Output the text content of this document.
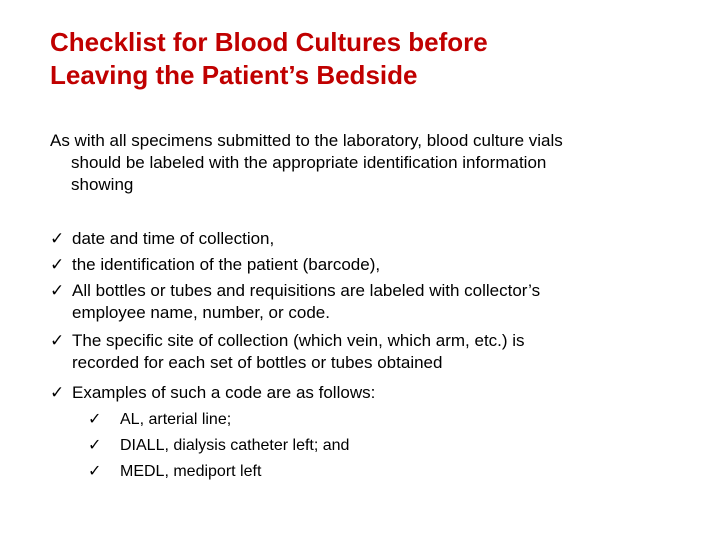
Checklist for Blood Cultures before
Leaving the Patient’s Bedside
As with all specimens submitted to the laboratory, blood culture vials
should be labeled with the appropriate identification information
showing
✓ date and time of collection,
✓ the identification of the patient (barcode),
✓ All bottles or tubes and requisitions are labeled with collector’s
employee name, number, or code.
✓ The specific site of collection (which vein, which arm, etc.) is
recorded for each set of bottles or tubes obtained
✓ Examples of such a code are as follows:
✓	AL, arterial line;
✓	DIALL, dialysis catheter left; and
✓	MEDL, mediport left
